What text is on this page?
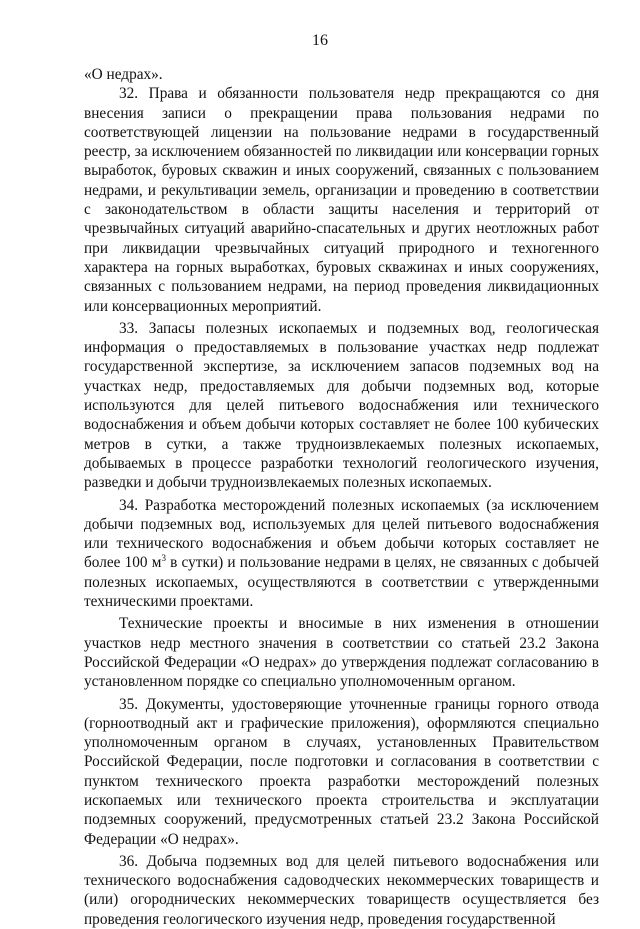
16

«О недрах».

32. Права и обязанности пользователя недр прекращаются со дня внесения записи о прекращении права пользования недрами по соответствующей лицензии на пользование недрами в государственный реестр, за исключением обязанностей по ликвидации или консервации горных выработок, буровых скважин и иных сооружений, связанных с пользованием недрами, и рекультивации земель, организации и проведению в соответствии с законодательством в области защиты населения и территорий от чрезвычайных ситуаций аварийно-спасательных и других неотложных работ при ликвидации чрезвычайных ситуаций природного и техногенного характера на горных выработках, буровых скважинах и иных сооружениях, связанных с пользованием недрами, на период проведения ликвидационных или консервационных мероприятий.

33. Запасы полезных ископаемых и подземных вод, геологическая информация о предоставляемых в пользование участках недр подлежат государственной экспертизе, за исключением запасов подземных вод на участках недр, предоставляемых для добычи подземных вод, которые используются для целей питьевого водоснабжения или технического водоснабжения и объем добычи которых составляет не более 100 кубических метров в сутки, а также трудноизвлекаемых полезных ископаемых, добываемых в процессе разработки технологий геологического изучения, разведки и добычи трудноизвлекаемых полезных ископаемых.

34. Разработка месторождений полезных ископаемых (за исключением добычи подземных вод, используемых для целей питьевого водоснабжения или технического водоснабжения и объем добычи которых составляет не более 100 $м^3$ в сутки) и пользование недрами в целях, не связанных с добычей полезных ископаемых, осуществляются в соответствии с утвержденными техническими проектами.

Технические проекты и вносимые в них изменения в отношении участков недр местного значения в соответствии со статьей 23.2 Закона Российской Федерации «О недрах» до утверждения подлежат согласованию в установленном порядке со специально уполномоченным органом.

35. Документы, удостоверяющие уточненные границы горного отвода (горноотводный акт и графические приложения), оформляются специально уполномоченным органом в случаях, установленных Правительством Российской Федерации, после подготовки и согласования в соответствии с пунктом технического проекта разработки месторождений полезных ископаемых или технического проекта строительства и эксплуатации подземных сооружений, предусмотренных статьей 23.2 Закона Российской Федерации «О недрах».

36. Добыча подземных вод для целей питьевого водоснабжения или технического водоснабжения садоводческих некоммерческих товариществ и (или) огороднических некоммерческих товариществ осуществляется без проведения геологического изучения недр, проведения государственной
